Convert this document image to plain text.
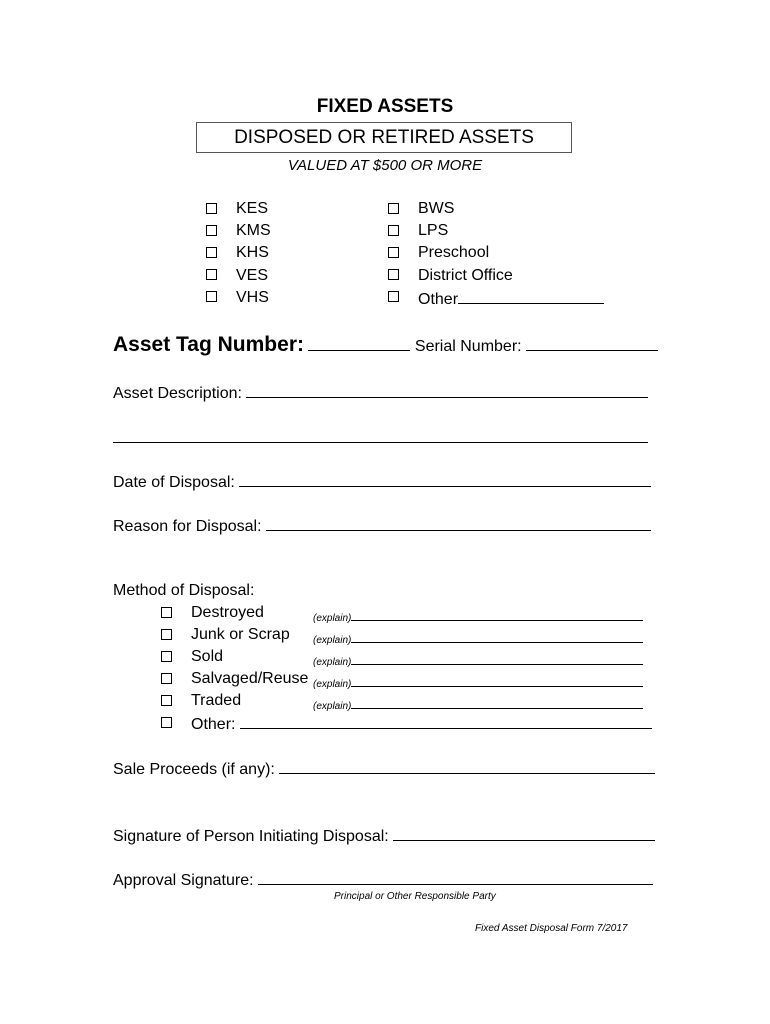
FIXED ASSETS
DISPOSED OR RETIRED ASSETS
VALUED AT $500 OR MORE
KES
KMS
KHS
VES
VHS
BWS
LPS
Preschool
District Office
Other
Asset Tag Number:	Serial Number:
Asset Description:
Date of Disposal:
Reason for Disposal:
Method of Disposal:
Destroyed	(explain)
Junk or Scrap (explain)
Sold	(explain)
Salvaged/Reuse (explain)
Traded	(explain)
Other:
Sale Proceeds (if any):
Signature of Person Initiating Disposal:
Approval Signature:
Principal or Other Responsible Party
Fixed Asset Disposal Form 7/2017
